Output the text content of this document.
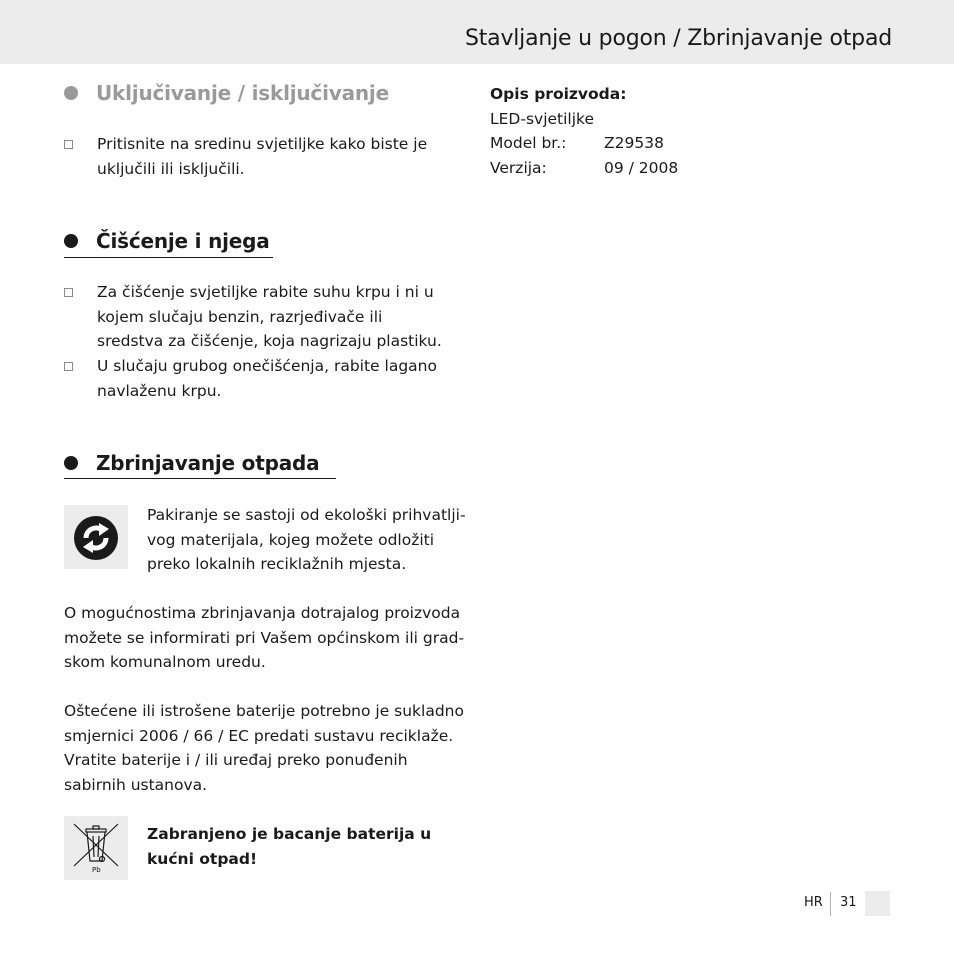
Stavljanje u pogon / Zbrinjavanje otpad
Uključivanje / isključivanje
Pritisnite na sredinu svjetiljke kako biste je uključili ili isključili.
Čišćenje i njega
Za čišćenje svjetiljke rabite suhu krpu i ni u kojem slučaju benzin, razrjeđivače ili sredstva za čišćenje, koja nagrizaju plastiku.
U slučaju grubog onečišćenja, rabite lagano navlaženu krpu.
Zbrinjavanje otpada
Pakiranje se sastoji od ekološki prihvatlji-vog materijala, kojeg možete odložiti preko lokalnih reciklažnih mjesta.
O mogućnostima zbrinjavanja dotrajalog proizvoda možete se informirati pri Vašem općinskom ili grad-skom komunalnom uredu.
Oštećene ili istrošene baterije potrebno je sukladno smjernici 2006 / 66 / EC predati sustavu reciklaže. Vratite baterije i / ili uređaj preko ponuđenih sabirnih ustanova.
Pb
Zabranjeno je bacanje baterija u kućni otpad!
Opis proizvoda:
LED-svjetiljke
Model br.:	Z29538
Verzija:	09 / 2008
HR 31
